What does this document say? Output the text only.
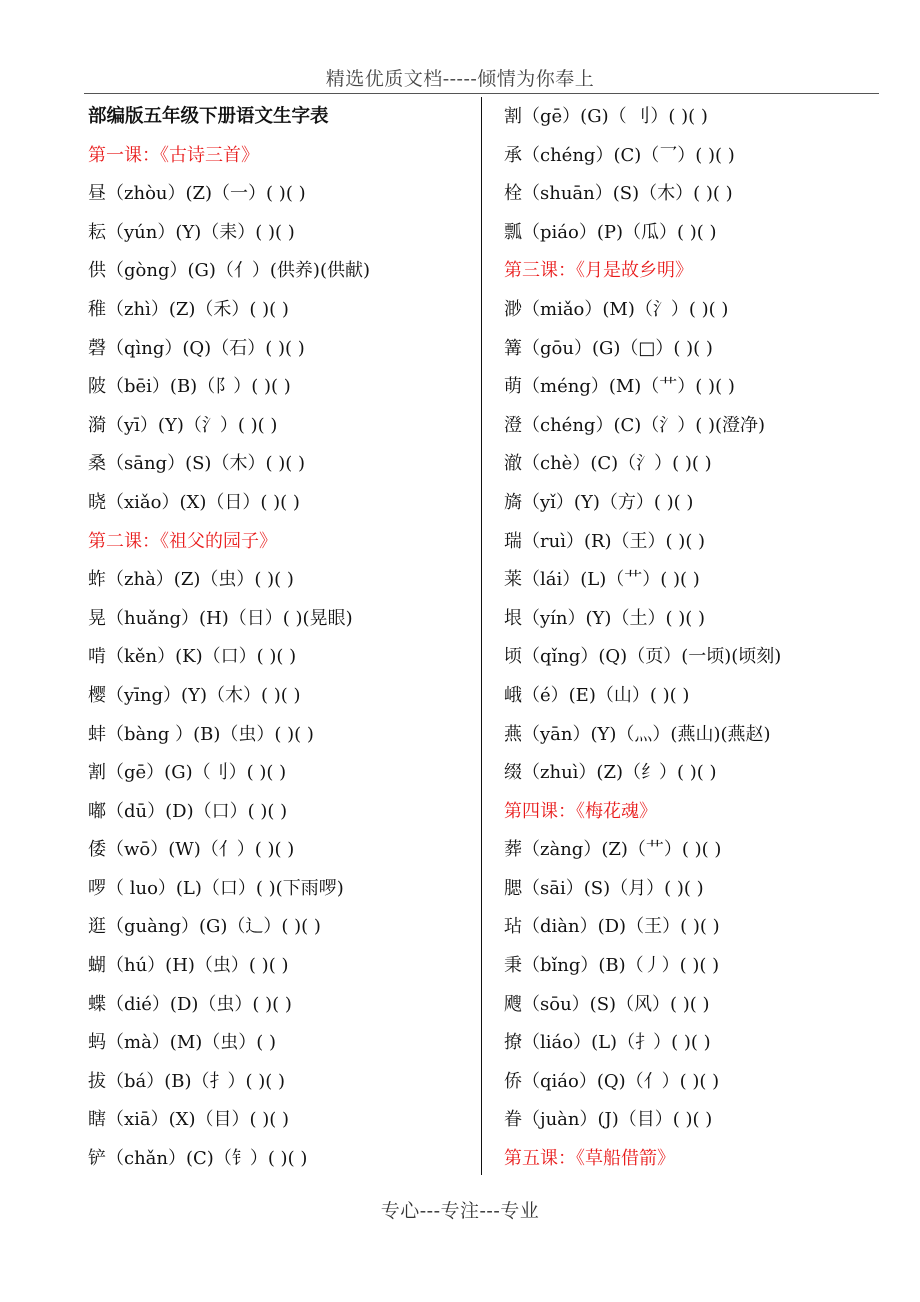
精选优质文档-----倾情为你奉上
部编版五年级下册语文生字表
第一课：《古诗三首》
昼（zhòu）(Z)（一）( )( )
耘（yún）(Y)（耒）( )( )
供（gòng）(G)（亻）(供养)(供献)
稚（zhì）(Z)（禾）( )( )
磬（qìng）(Q)（石）( )( )
陂（bēi）(B)（阝）( )( )
漪（yī）(Y)（氵）( )( )
桑（sāng）(S)（木）( )( )
晓（xiǎo）(X)（日）( )( )
第二课：《祖父的园子》
蚱（zhà）(Z)（虫）( )( )
晃（huǎng）(H)（日）( )(晃眼)
啃（kěn）(K)（口）( )( )
樱（yīng）(Y)（木）( )( )
蚌（bàng ）(B)（虫）( )( )
割（gē）(G)（刂）( )( )
嘟（dū）(D)（口）( )( )
倭（wō）(W)（亻）( )( )
啰（ luo）(L)（口）( )(下雨啰)
逛（guàng）(G)（辶）( )( )
蝴（hú）(H)（虫）( )( )
蝶（dié）(D)（虫）( )( )
蚂（mà）(M)（虫）( )
拔（bá）(B)（扌）( )( )
瞎（xiā）(X)（目）( )( )
铲（chǎn）(C)（钅）( )( )
割（gē）(G)（ 刂）( )( )
承（chéng）(C)（乛）( )( )
栓（shuān）(S)（木）( )( )
瓢（piáo）(P)（瓜）( )( )
第三课：《月是故乡明》
渺（miǎo）(M)（氵）( )( )
篝（gōu）(G)（□）( )( )
萌（méng）(M)（艹）( )( )
澄（chéng）(C)（氵）( )(澄净)
澈（chè）(C)（氵）( )( )
旖（yǐ）(Y)（方）( )( )
瑞（ruì）(R)（王）( )( )
莱（lái）(L)（艹）( )( )
垠（yín）(Y)（土）( )( )
顷（qǐng）(Q)（页）(一顷)(顷刻)
峨（é）(E)（山）( )( )
燕（yān）(Y)（灬）(燕山)(燕赵)
缀（zhuì）(Z)（纟）( )( )
第四课：《梅花魂》
葬（zàng）(Z)（艹）( )( )
腮（sāi）(S)（月）( )( )
玷（diàn）(D)（王）( )( )
秉（bǐng）(B)（丿）( )( )
飕（sōu）(S)（风）( )( )
撩（liáo）(L)（扌）( )( )
侨（qiáo）(Q)（亻）( )( )
眷（juàn）(J)（目）( )( )
第五课：《草船借箭》
专心---专注---专业
